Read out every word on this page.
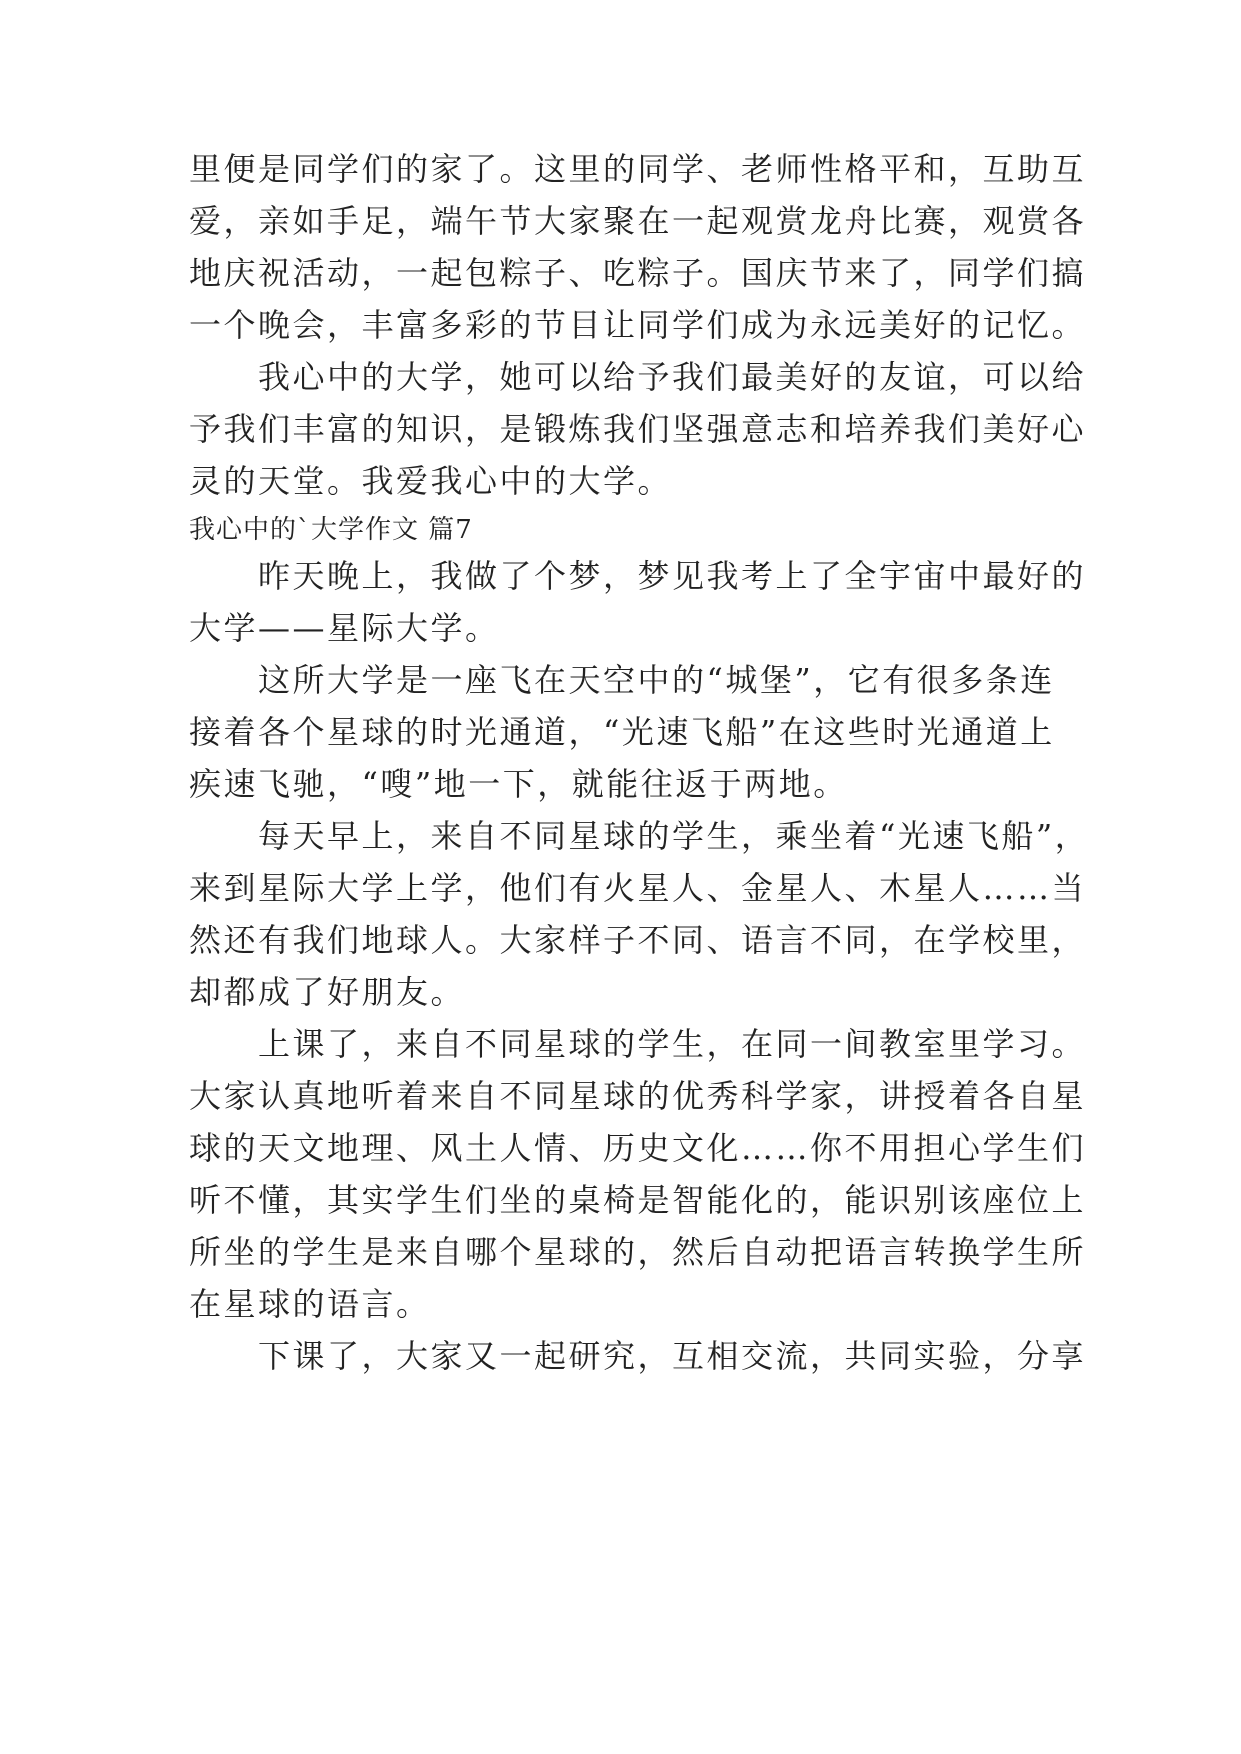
里便是同学们的家了。这里的同学、老师性格平和，互助互
爱，亲如手足，端午节大家聚在一起观赏龙舟比赛，观赏各
地庆祝活动，一起包粽子、吃粽子。国庆节来了，同学们搞
一个晚会，丰富多彩的节目让同学们成为永远美好的记忆。
　　我心中的大学，她可以给予我们最美好的友谊，可以给
予我们丰富的知识，是锻炼我们坚强意志和培养我们美好心
灵的天堂。我爱我心中的大学。
我心中的`大学作文 篇7
　　昨天晚上，我做了个梦，梦见我考上了全宇宙中最好的
大学——星际大学。
　　这所大学是一座飞在天空中的“城堡”，它有很多条连
接着各个星球的时光通道，“光速飞船”在这些时光通道上
疾速飞驰，“嗖”地一下，就能往返于两地。
　　每天早上，来自不同星球的学生，乘坐着“光速飞船”，
来到星际大学上学，他们有火星人、金星人、木星人……当
然还有我们地球人。大家样子不同、语言不同，在学校里，
却都成了好朋友。
　　上课了，来自不同星球的学生，在同一间教室里学习。
大家认真地听着来自不同星球的优秀科学家，讲授着各自星
球的天文地理、风土人情、历史文化……你不用担心学生们
听不懂，其实学生们坐的桌椅是智能化的，能识别该座位上
所坐的学生是来自哪个星球的，然后自动把语言转换学生所
在星球的语言。
　　下课了，大家又一起研究，互相交流，共同实验，分享
